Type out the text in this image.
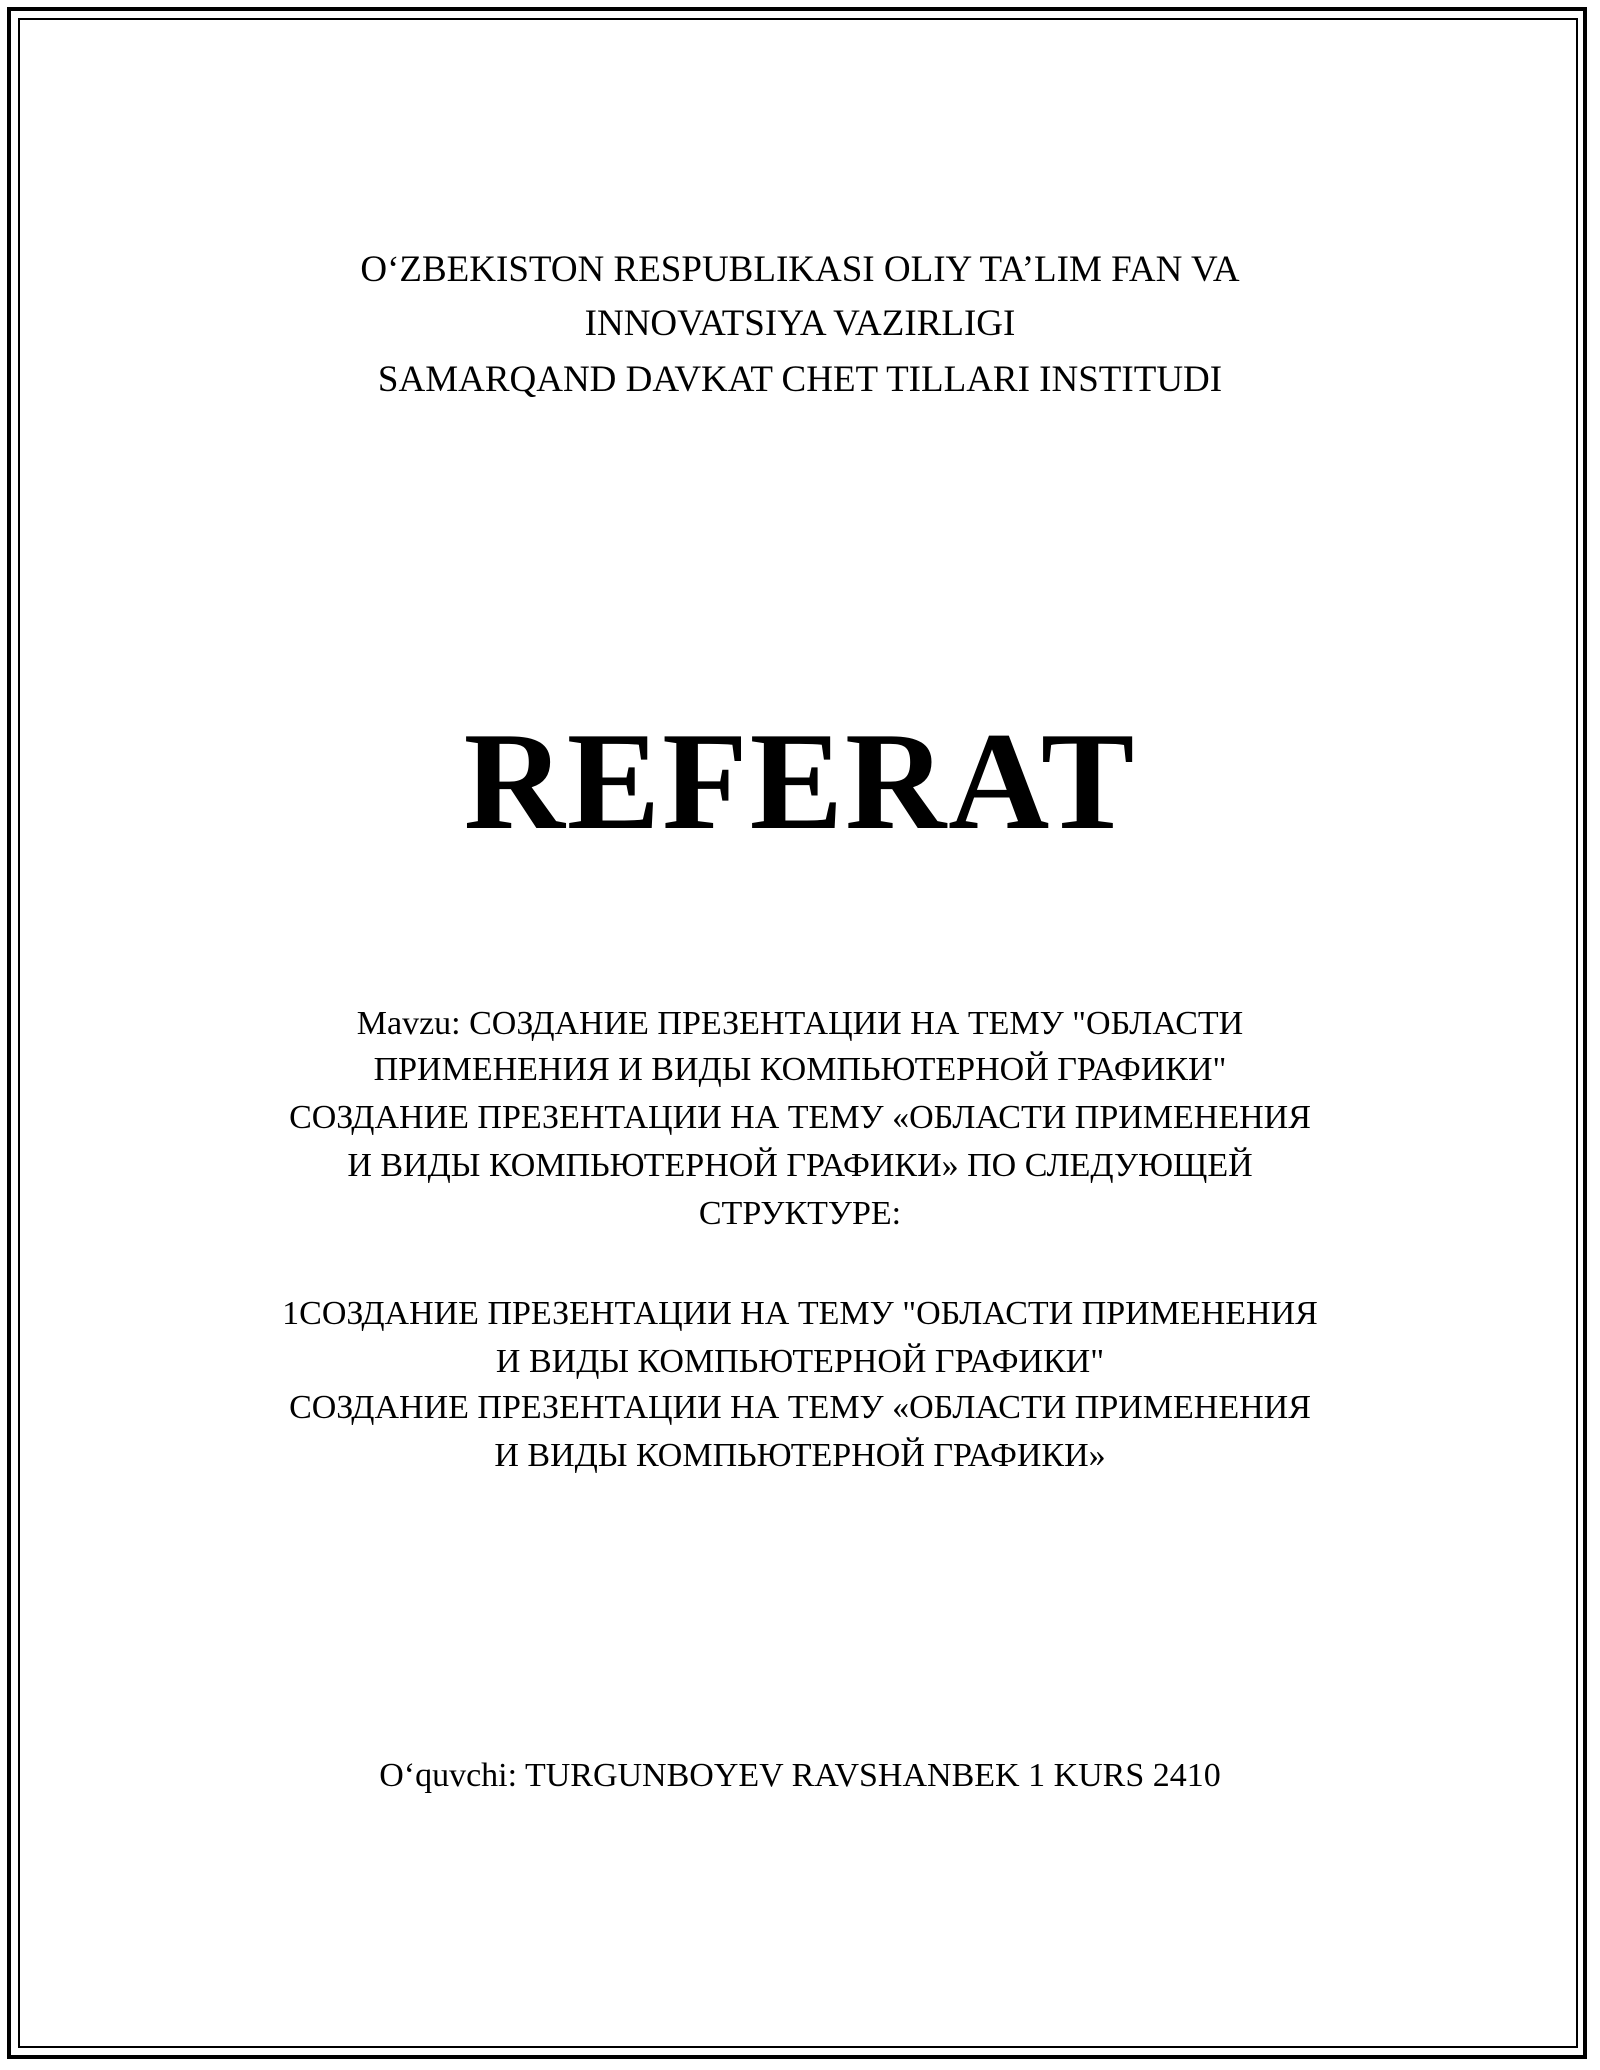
O‘ZBEKISTON RESPUBLIKASI OLIY TA’LIM FAN VA
INNOVATSIYA VAZIRLIGI
SAMARQAND DAVKAT CHET TILLARI INSTITUDI
REFERAT
Mavzu: СОЗДАНИЕ ПРЕЗЕНТАЦИИ НА ТЕМУ "ОБЛАСТИ
ПРИМЕНЕНИЯ И ВИДЫ КОМПЬЮТЕРНОЙ ГРАФИКИ"
СОЗДАНИЕ ПРЕЗЕНТАЦИИ НА ТЕМУ «ОБЛАСТИ ПРИМЕНЕНИЯ
И ВИДЫ КОМПЬЮТЕРНОЙ ГРАФИКИ» ПО СЛЕДУЮЩЕЙ
СТРУКТУРЕ:
1СОЗДАНИЕ ПРЕЗЕНТАЦИИ НА ТЕМУ "ОБЛАСТИ ПРИМЕНЕНИЯ
И ВИДЫ КОМПЬЮТЕРНОЙ ГРАФИКИ"
СОЗДАНИЕ ПРЕЗЕНТАЦИИ НА ТЕМУ «ОБЛАСТИ ПРИМЕНЕНИЯ
И ВИДЫ КОМПЬЮТЕРНОЙ ГРАФИКИ»
O‘quvchi: TURGUNBOYEV RAVSHANBEK 1 KURS 2410
